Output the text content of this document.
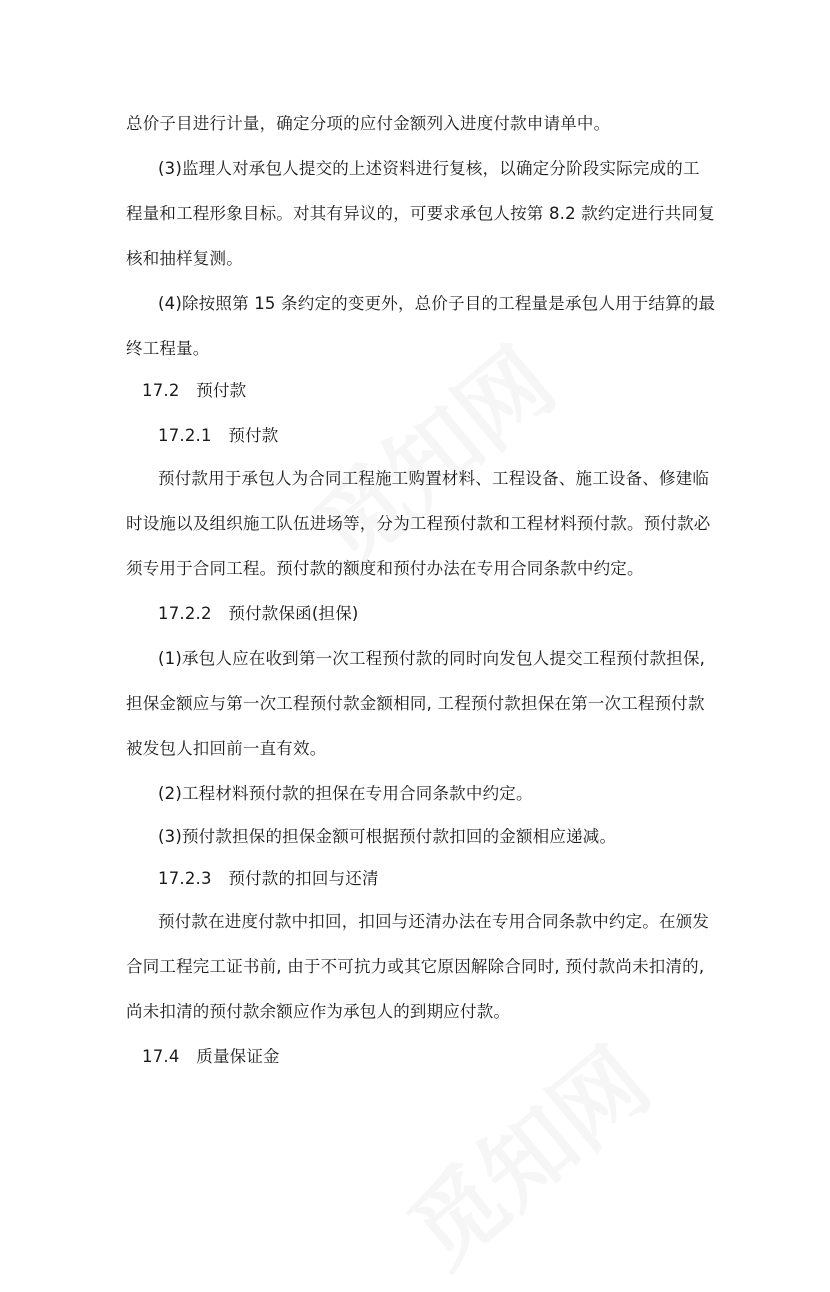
总价子目进行计量，确定分项的应付金额列入进度付款申请单中。
(3)监理人对承包人提交的上述资料进行复核，以确定分阶段实际完成的工
程量和工程形象目标。对其有异议的，可要求承包人按第 8.2 款约定进行共同复
核和抽样复测。
(4)除按照第 15 条约定的变更外，总价子目的工程量是承包人用于结算的最
终工程量。
17.2　预付款
17.2.1　预付款
预付款用于承包人为合同工程施工购置材料、工程设备、施工设备、修建临
时设施以及组织施工队伍进场等，分为工程预付款和工程材料预付款。预付款必
须专用于合同工程。预付款的额度和预付办法在专用合同条款中约定。
17.2.2　预付款保函(担保)
(1)承包人应在收到第一次工程预付款的同时向发包人提交工程预付款担保,
担保金额应与第一次工程预付款金额相同, 工程预付款担保在第一次工程预付款
被发包人扣回前一直有效。
(2)工程材料预付款的担保在专用合同条款中约定。
(3)预付款担保的担保金额可根据预付款扣回的金额相应递减。
17.2.3　预付款的扣回与还清
预付款在进度付款中扣回，扣回与还清办法在专用合同条款中约定。在颁发
合同工程完工证书前, 由于不可抗力或其它原因解除合同时, 预付款尚未扣清的,
尚未扣清的预付款余额应作为承包人的到期应付款。
17.4　质量保证金
